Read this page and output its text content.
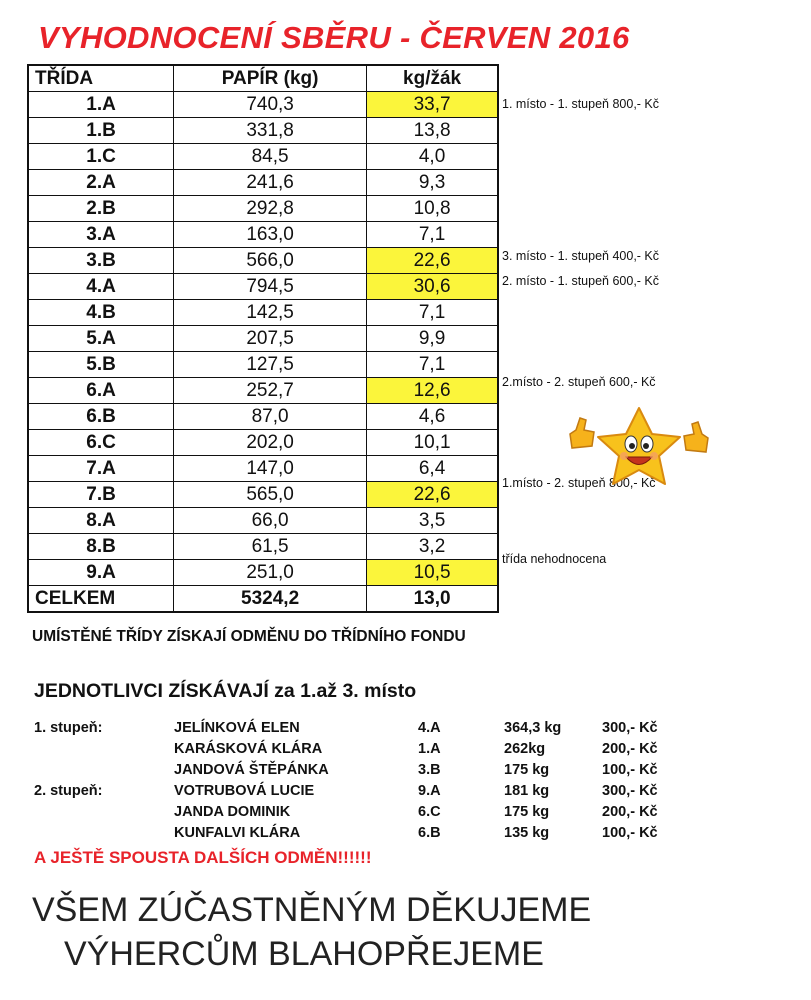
VYHODNOCENÍ SBĚRU - ČERVEN 2016
TŘÍDA	PAPÍR (kg)	kg/žák
1.A	740,3	33,7
1.B	331,8	13,8
1.C	84,5	4,0
2.A	241,6	9,3
2.B	292,8	10,8
3.A	163,0	7,1
3.B	566,0	22,6
4.A	794,5	30,6
4.B	142,5	7,1
5.A	207,5	9,9
5.B	127,5	7,1
6.A	252,7	12,6
6.B	87,0	4,6
6.C	202,0	10,1
7.A	147,0	6,4
7.B	565,0	22,6
8.A	66,0	3,5
8.B	61,5	3,2
9.A	251,0	10,5
CELKEM	5324,2	13,0
1. místo - 1. stupeň 800,- Kč
3. místo - 1. stupeň 400,- Kč
2. místo - 1. stupeň 600,- Kč
2.místo - 2. stupeň 600,- Kč
1.místo - 2. stupeň 800,- Kč
třída nehodnocena
UMÍSTĚNÉ TŘÍDY ZÍSKAJÍ ODMĚNU DO TŘÍDNÍHO FONDU
JEDNOTLIVCI ZÍSKÁVAJÍ za 1.až 3. místo
1. stupeň:	JELÍNKOVÁ ELEN	4.A	364,3 kg	300,- Kč
KARÁSKOVÁ KLÁRA	1.A	262kg	200,- Kč
JANDOVÁ ŠTĚPÁNKA	3.B	175 kg	100,- Kč
2. stupeň:	VOTRUBOVÁ LUCIE	9.A	181 kg	300,- Kč
JANDA DOMINIK	6.C	175 kg	200,- Kč
KUNFALVI KLÁRA	6.B	135 kg	100,- Kč
A JEŠTĚ SPOUSTA DALŠÍCH ODMĚN!!!!!!
VŠEM ZÚČASTNĚNÝM DĚKUJEME
VÝHERCŮM BLAHOPŘEJEME
